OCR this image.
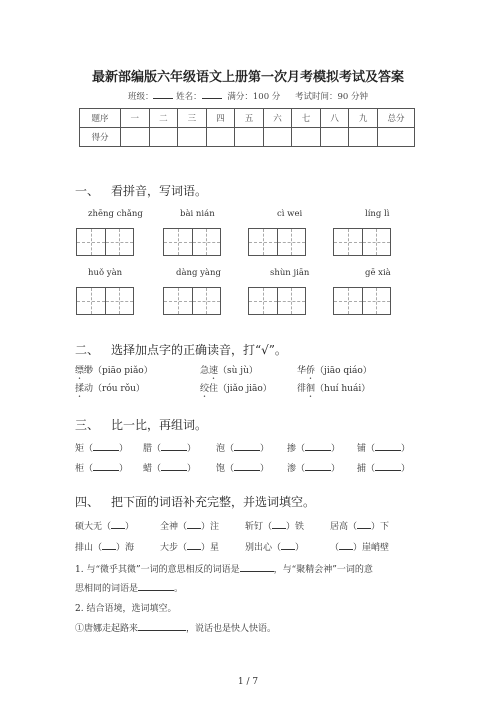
最新部编版六年级语文上册第一次月考模拟考试及答案
班级：	姓名：	满分：100 分 考试时间：90 分钟
题序	一	二	三	四	五	六	七	八	九	总分
得分										
一、 看拼音，写词语。
zhēng chǎng	bài nián	cì wei	líng lì
huǒ yàn	dàng yàng	shùn jiān	gē xià
二、 选择加点字的正确读音，打“√”。
缥缈（piāo piǎo）	急速（sù jù）	华侨（jiāo qiáo）
揉动（róu rǒu）	绞住（jiǎo jiāo）	徘徊（huí huái）
三、 比一比，再组词。
矩（	） 腊（	） 泡（	） 掺（	） 铺（	）
柜（	） 蜡（	） 饱（	） 渗（	） 捕（	）
四、 把下面的词语补充完整，并选词填空。
硕大无（ ）	全神（ ）注	斩钉（ ）铁	居高（ ）下
排山（ ）海	大步（ ）星	别出心（ ）	（ ）崖峭壁
1. 与“微乎其微”一词的意思相反的词语是	，与“聚精会神”一词的意
思相同的词语是	。
2. 结合语境，选词填空。
①唐娜走起路来	，说话也是快人快语。
1 / 7
